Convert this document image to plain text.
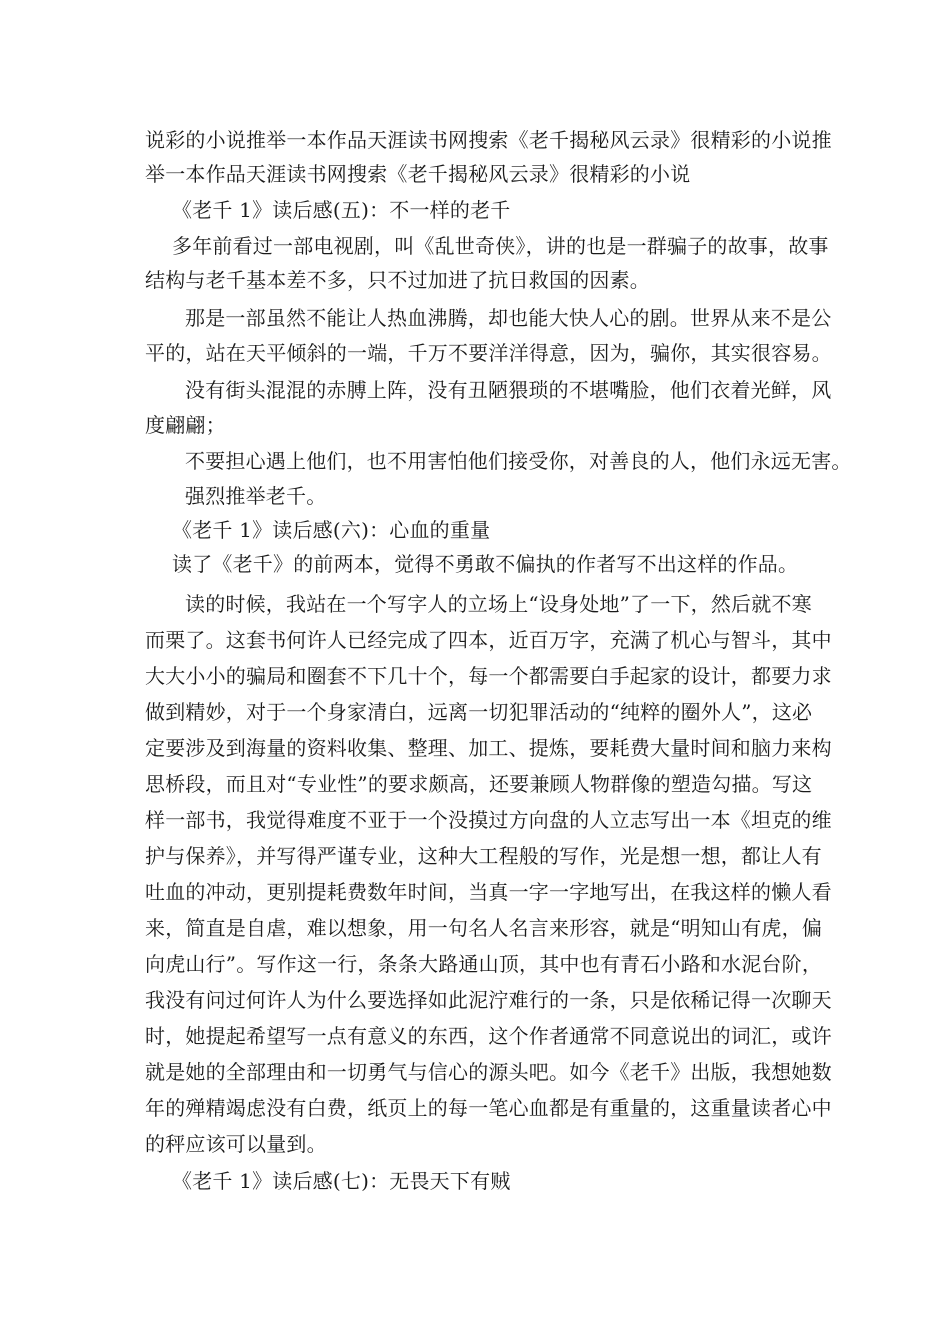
说彩的小说推举一本作品天涯读书网搜索《老千揭秘风云录》很精彩的小说推
举一本作品天涯读书网搜索《老千揭秘风云录》很精彩的小说
《老千 1》读后感(五)：不一样的老千
多年前看过一部电视剧，叫《乱世奇侠》，讲的也是一群骗子的故事，故事
结构与老千基本差不多，只不过加进了抗日救国的因素。
那是一部虽然不能让人热血沸腾，却也能大快人心的剧。世界从来不是公
平的，站在天平倾斜的一端，千万不要洋洋得意，因为，骗你，其实很容易。
没有街头混混的赤膊上阵，没有丑陋猥琐的不堪嘴脸，他们衣着光鲜，风
度翩翩；
不要担心遇上他们，也不用害怕他们接受你，对善良的人，他们永远无害。
强烈推举老千。
《老千 1》读后感(六)：心血的重量
读了《老千》的前两本，觉得不勇敢不偏执的作者写不出这样的作品。
读的时候，我站在一个写字人的立场上“设身处地”了一下，然后就不寒
而栗了。这套书何许人已经完成了四本，近百万字，充满了机心与智斗，其中
大大小小的骗局和圈套不下几十个，每一个都需要白手起家的设计，都要力求
做到精妙，对于一个身家清白，远离一切犯罪活动的“纯粹的圈外人”，这必
定要涉及到海量的资料收集、整理、加工、提炼，要耗费大量时间和脑力来构
思桥段，而且对“专业性”的要求颇高，还要兼顾人物群像的塑造勾描。写这
样一部书，我觉得难度不亚于一个没摸过方向盘的人立志写出一本《坦克的维
护与保养》，并写得严谨专业，这种大工程般的写作，光是想一想，都让人有
吐血的冲动，更别提耗费数年时间，当真一字一字地写出，在我这样的懒人看
来，简直是自虐，难以想象，用一句名人名言来形容，就是“明知山有虎，偏
向虎山行”。写作这一行，条条大路通山顶，其中也有青石小路和水泥台阶，
我没有问过何许人为什么要选择如此泥泞难行的一条，只是依稀记得一次聊天
时，她提起希望写一点有意义的东西，这个作者通常不同意说出的词汇，或许
就是她的全部理由和一切勇气与信心的源头吧。如今《老千》出版，我想她数
年的殚精竭虑没有白费，纸页上的每一笔心血都是有重量的，这重量读者心中
的秤应该可以量到。
《老千 1》读后感(七)：无畏天下有贼
